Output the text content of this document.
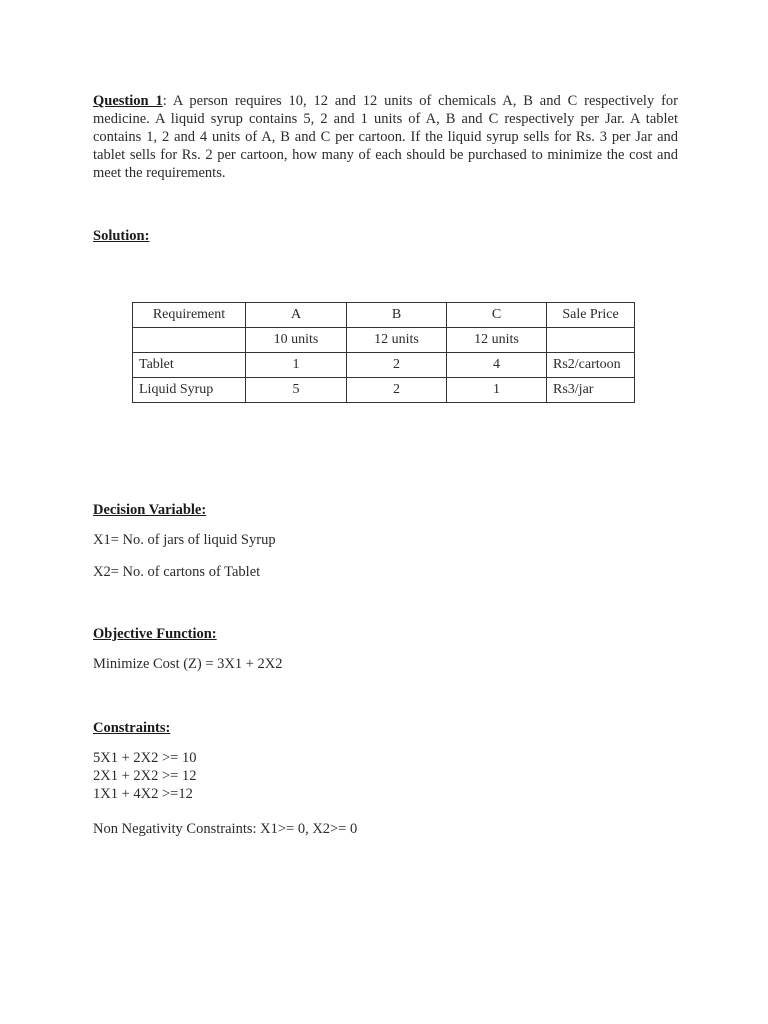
Question 1: A person requires 10, 12 and 12 units of chemicals A, B and C respectively for medicine. A liquid syrup contains 5, 2 and 1 units of A, B and C respectively per Jar. A tablet contains 1, 2 and 4 units of A, B and C per cartoon. If the liquid syrup sells for Rs. 3 per Jar and tablet sells for Rs. 2 per cartoon, how many of each should be purchased to minimize the cost and meet the requirements.
Solution:
Requirement	A	B	C	Sale Price
	10 units	12 units	12 units	
Tablet	1	2	4	Rs2/cartoon
Liquid Syrup	5	2	1	Rs3/jar
Decision Variable:
X1= No. of jars of liquid Syrup
X2= No. of cartons of Tablet
Objective Function:
Minimize Cost (Z) = 3X1 + 2X2
Constraints:
5X1 + 2X2 >= 10
2X1 + 2X2 >= 12
1X1 + 4X2 >=12
Non Negativity Constraints: X1>= 0, X2>= 0
